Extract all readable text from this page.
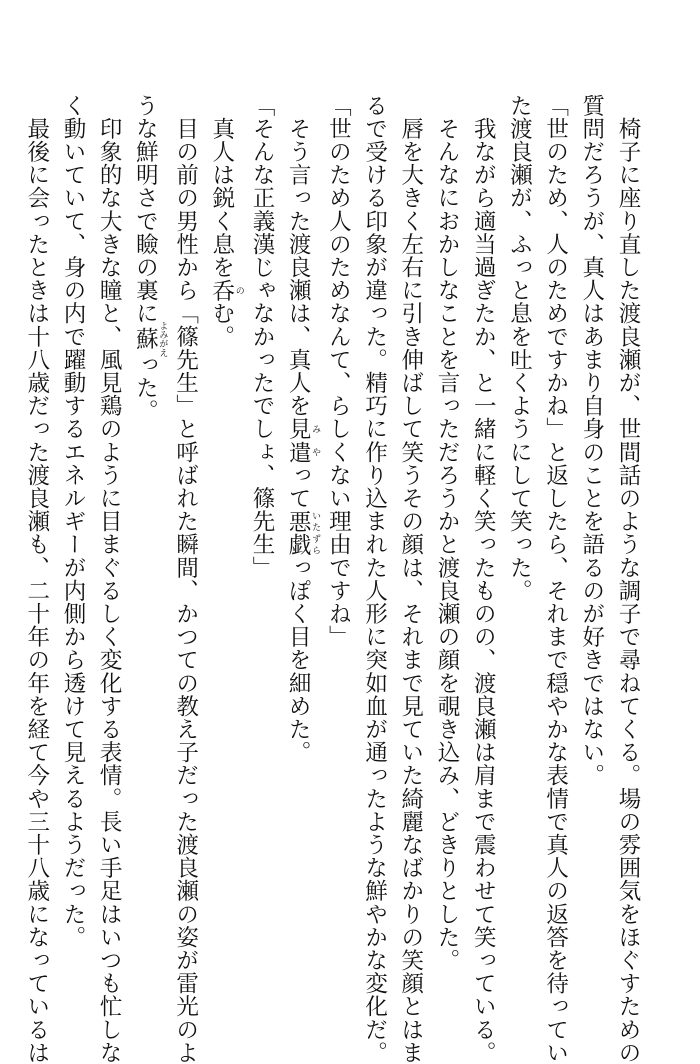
椅子に座り直した渡良瀬が、世間話のような調子で尋ねてくる。場の雰囲気をほぐすための
質問だろうが、真人はあまり自身のことを語るのが好きではない。
「世のため、人のためですかね」と返したら、それまで穏やかな表情で真人の返答を待ってい
た渡良瀬が、ふっと息を吐くようにして笑った。
我ながら適当過ぎたか、と一緒に軽く笑ったものの、渡良瀬は肩まで震わせて笑っている。
そんなにおかしなことを言っただろうかと渡良瀬の顔を覗き込み、どきりとした。
唇を大きく左右に引き伸ばして笑うその顔は、それまで見ていた綺麗なばかりの笑顔とはま
るで受ける印象が違った。精巧に作り込まれた人形に突如血が通ったような鮮やかな変化だ。
「世のため人のためなんて、らしくない理由ですね」
そう言った渡良瀬は、真人を見 み遣 やって悪戯 いたずらっぽく目を細めた。
「そんな正義漢じゃなかったでしょ、篠先生」
真人は鋭く息を呑 のむ。
目の前の男性から「篠先生」と呼ばれた瞬間、かつての教え子だった渡良瀬の姿が雷光のよ
うな鮮明さで瞼の裏に蘇 よみがえった。
印象的な大きな瞳と、風見鶏のように目まぐるしく変化する表情。長い手足はいつも忙しな
く動いていて、身の内で躍動するエネルギーが内側から透けて見えるようだった。
最後に会ったときは十八歳だった渡良瀬も、二十年の年を経て今や三十八歳になっているは
